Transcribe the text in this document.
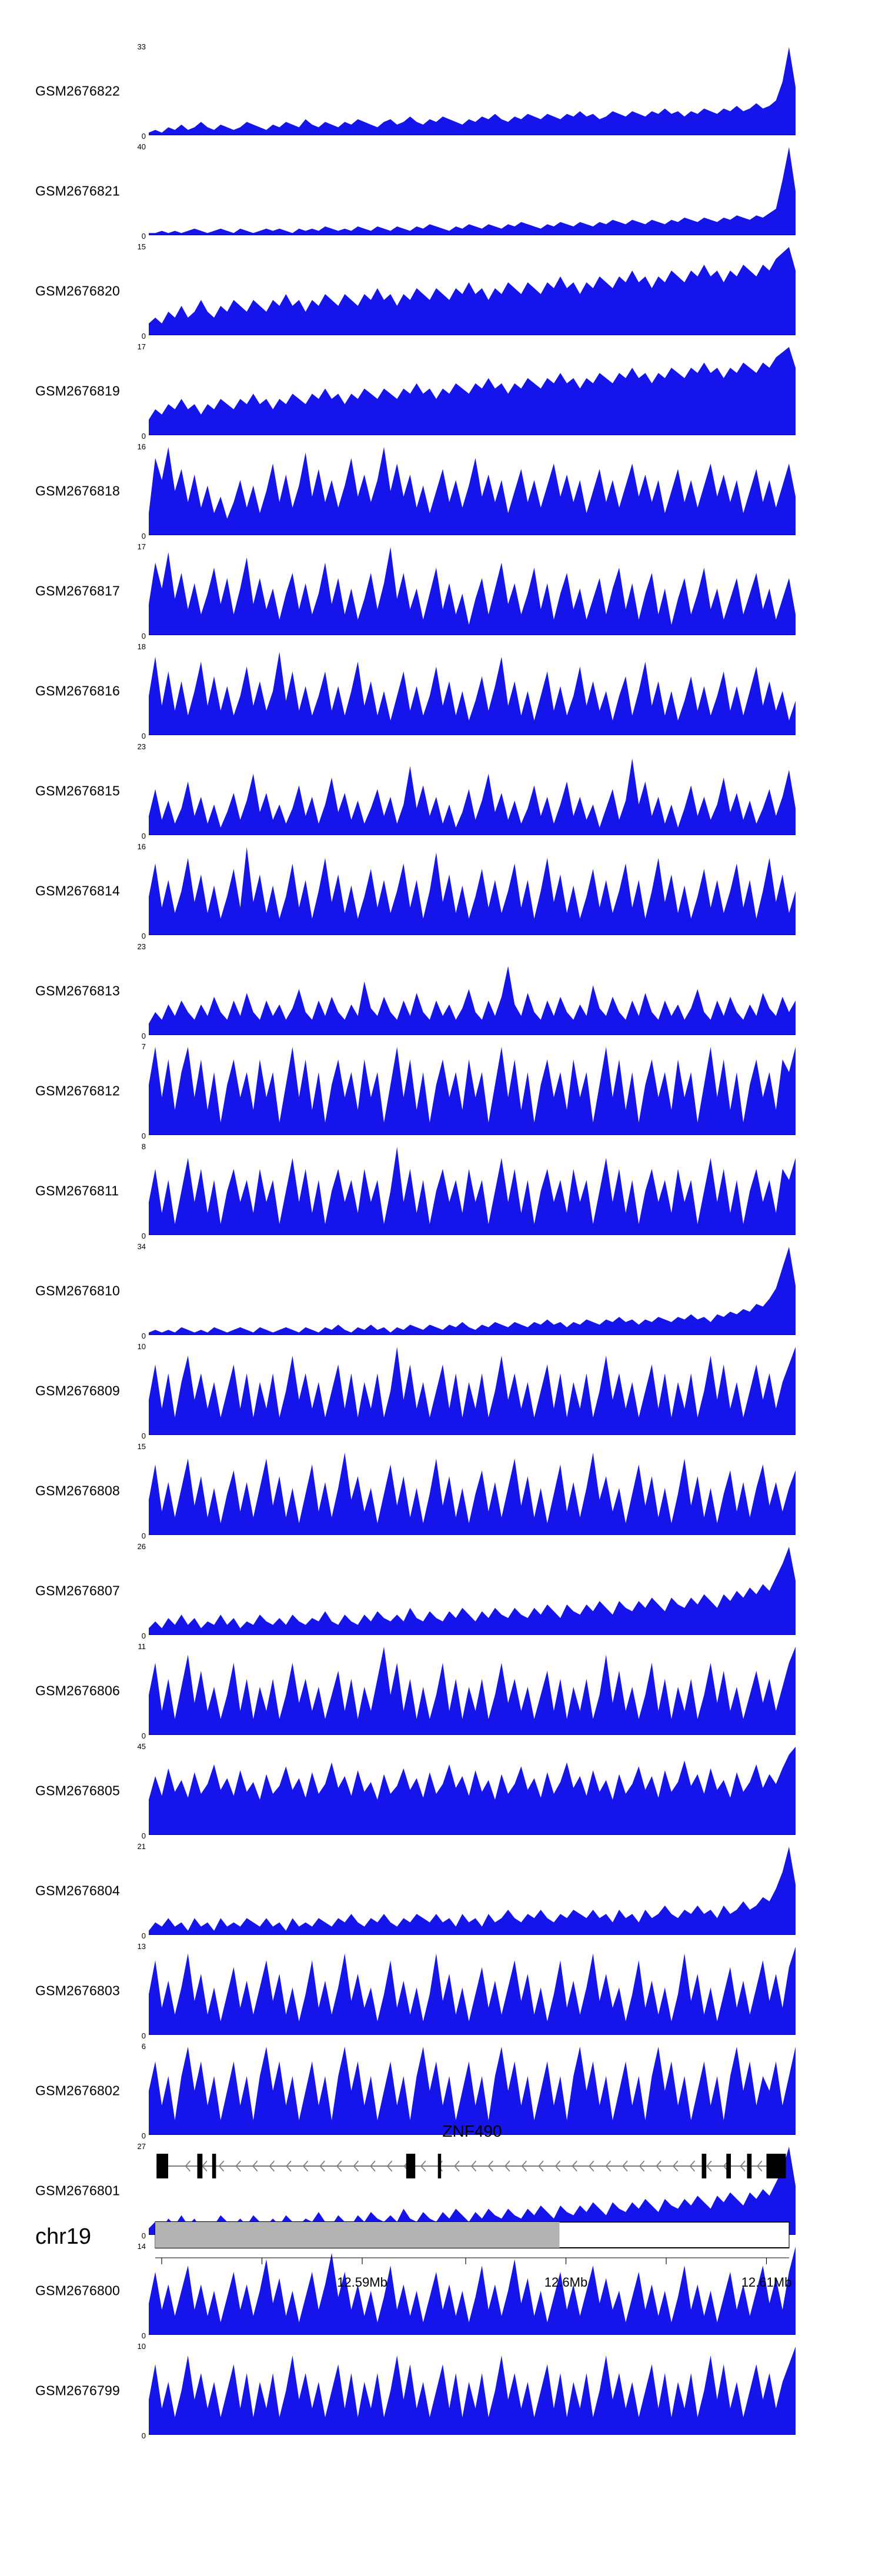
GSM2676822
33
0
GSM2676821
40
0
GSM2676820
15
0
GSM2676819
17
0
GSM2676818
16
0
GSM2676817
17
0
GSM2676816
18
0
GSM2676815
23
0
GSM2676814
16
0
GSM2676813
23
0
GSM2676812
7
0
GSM2676811
8
0
GSM2676810
34
0
GSM2676809
10
0
GSM2676808
15
0
GSM2676807
26
0
GSM2676806
11
0
GSM2676805
45
0
GSM2676804
21
0
GSM2676803
13
0
GSM2676802
6
0
GSM2676801
27
0
GSM2676800
14
0
GSM2676799
10
0
ZNF490
chr19
12.59Mb	12.6Mb	12.61Mb
